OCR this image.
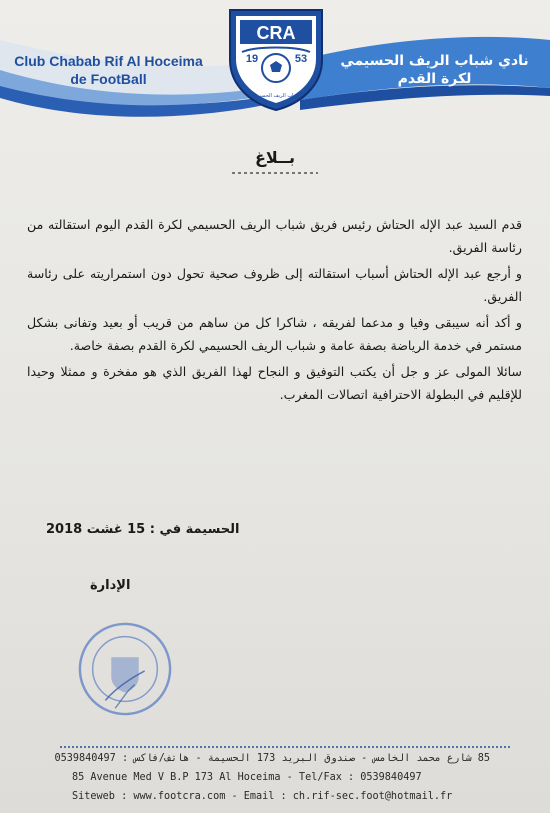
Club Chabab Rif Al Hoceima
de FootBall
نادي شباب الريف الحسيمي
لكرة القدم
CRA
19	53
شباب الريف الحسيمي
بــلاغ

قدم السيد عبد الإله الحتاش رئيس فريق شباب الريف الحسيمي لكرة القدم اليوم استقالته من رئاسة الفريق.

و أرجع عبد الإله الحتاش أسباب استقالته إلى ظروف صحية تحول دون استمراريته على رئاسة الفريق.

و أكد أنه سيبقى وفيا و مدعما لفريقه ، شاكرا كل من ساهم من قريب أو بعيد وتفانى بشكل مستمر في خدمة الرياضة بصفة عامة و شباب الريف الحسيمي لكرة القدم بصفة خاصة.

سائلا المولى عز و جل أن يكتب التوفيق و النجاح لهذا الفريق الذي هو مفخرة و ممثلا وحيدا للإقليم في البطولة الاحترافية اتصالات المغرب.

الحسيمة في : 15 غشت 2018
الإدارة
85 شارع محمد الخامس - صندوق البريد 173 الحسيمة - هاتف/فاكس : 0539840497
85 Avenue Med V B.P 173 Al Hoceima - Tel/Fax : 0539840497
Siteweb : www.footcra.com - Email : ch.rif-sec.foot@hotmail.fr
